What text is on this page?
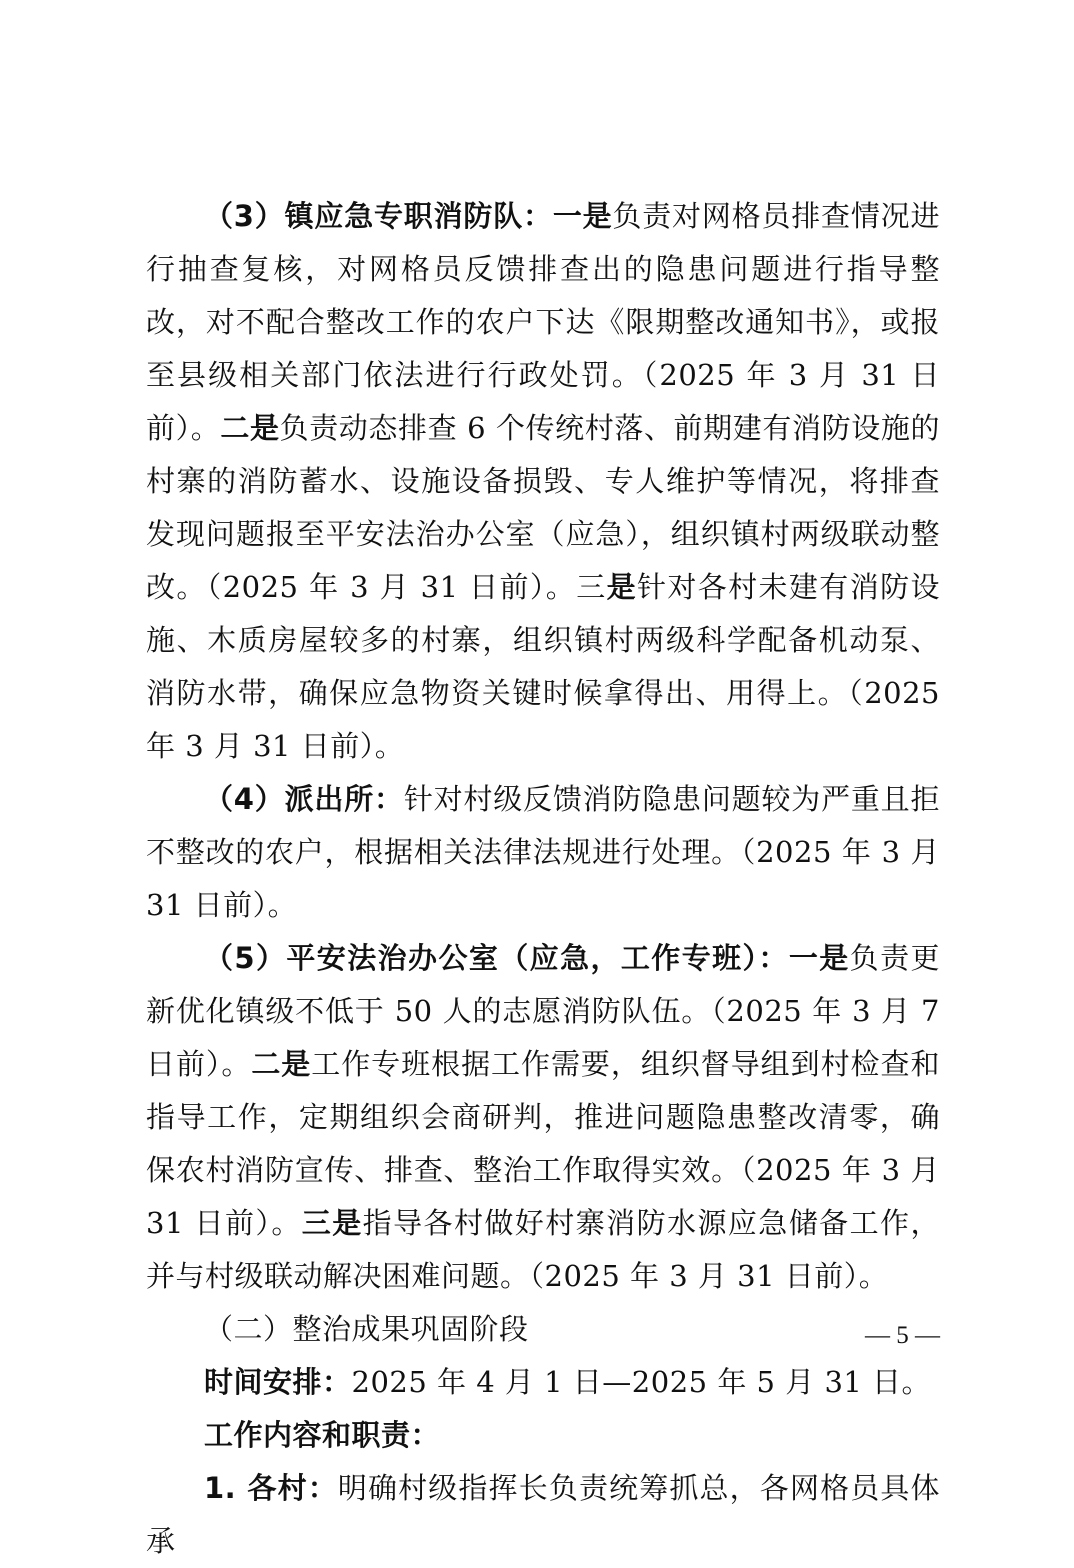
（3）镇应急专职消防队：一是负责对网格员排查情况进行抽查复核，对网格员反馈排查出的隐患问题进行指导整改，对不配合整改工作的农户下达《限期整改通知书》，或报至县级相关部门依法进行行政处罚。（2025 年 3 月 31 日前）。二是负责动态排查 6 个传统村落、前期建有消防设施的村寨的消防蓄水、设施设备损毁、专人维护等情况，将排查发现问题报至平安法治办公室（应急），组织镇村两级联动整改。（2025 年 3 月 31 日前）。三是针对各村未建有消防设施、木质房屋较多的村寨，组织镇村两级科学配备机动泵、消防水带，确保应急物资关键时候拿得出、用得上。（2025 年 3 月 31 日前）。

（4）派出所：针对村级反馈消防隐患问题较为严重且拒不整改的农户，根据相关法律法规进行处理。（2025 年 3 月 31 日前）。

（5）平安法治办公室（应急，工作专班）：一是负责更新优化镇级不低于 50 人的志愿消防队伍。（2025 年 3 月 7 日前）。二是工作专班根据工作需要，组织督导组到村检查和指导工作，定期组织会商研判，推进问题隐患整改清零，确保农村消防宣传、排查、整治工作取得实效。（2025 年 3 月 31 日前）。三是指导各村做好村寨消防水源应急储备工作，并与村级联动解决困难问题。（2025 年 3 月 31 日前）。

（二）整治成果巩固阶段

时间安排：2025 年 4 月 1 日—2025 年 5 月 31 日。

工作内容和职责：

1. 各村：明确村级指挥长负责统筹抓总，各网格员具体承

— 5 —
